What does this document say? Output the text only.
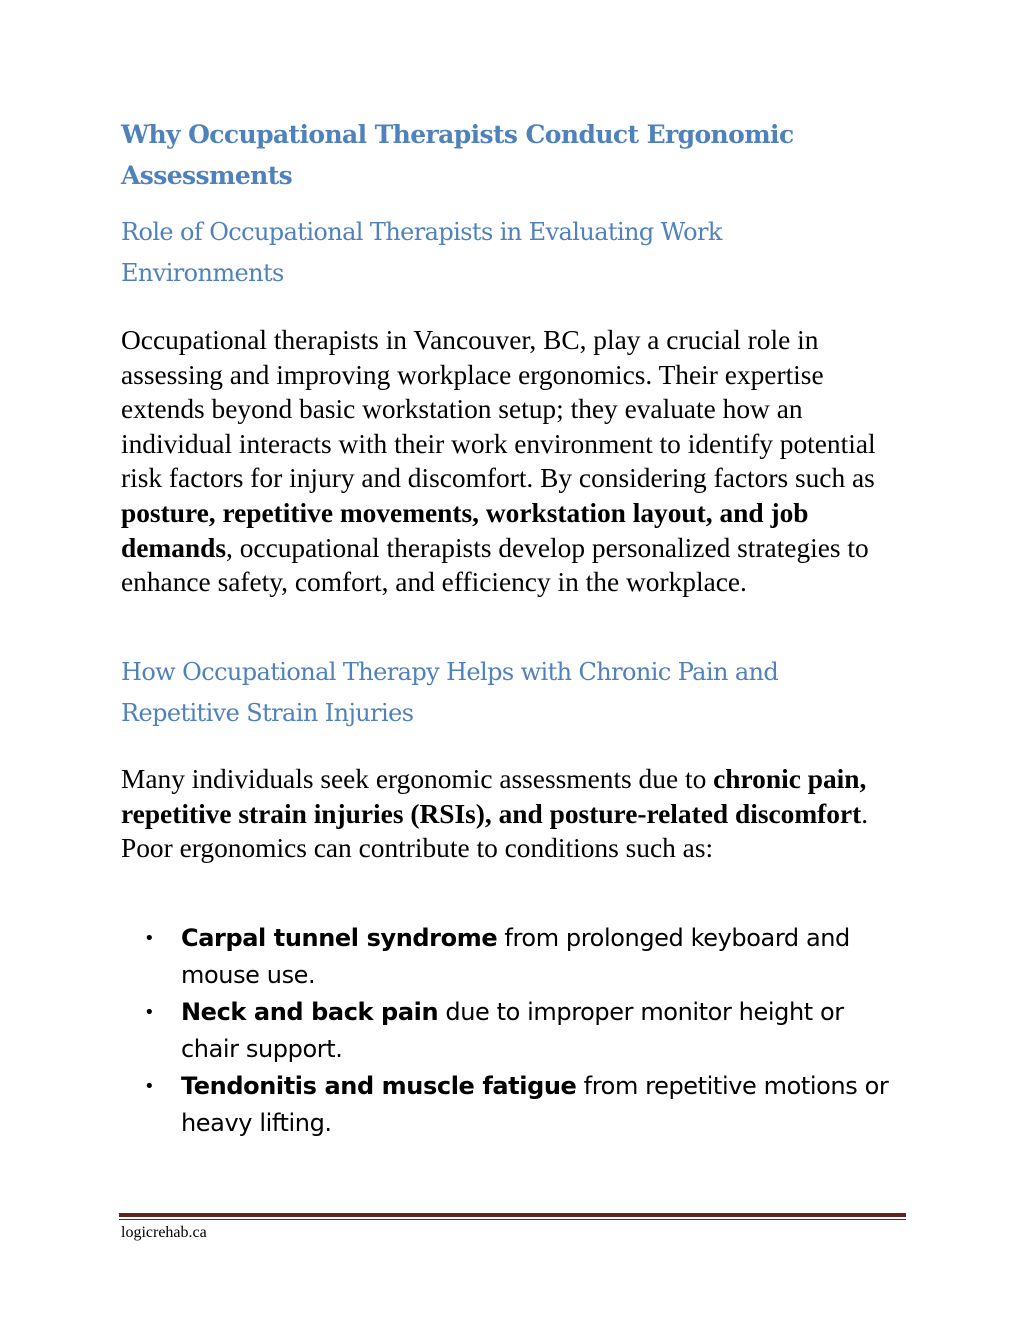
Why Occupational Therapists Conduct Ergonomic Assessments
Role of Occupational Therapists in Evaluating Work Environments

Occupational therapists in Vancouver, BC, play a crucial role in assessing and improving workplace ergonomics. Their expertise extends beyond basic workstation setup; they evaluate how an individual interacts with their work environment to identify potential risk factors for injury and discomfort. By considering factors such as posture, repetitive movements, workstation layout, and job demands, occupational therapists develop personalized strategies to enhance safety, comfort, and efficiency in the workplace.

How Occupational Therapy Helps with Chronic Pain and Repetitive Strain Injuries

Many individuals seek ergonomic assessments due to chronic pain, repetitive strain injuries (RSIs), and posture-related discomfort. Poor ergonomics can contribute to conditions such as:

• Carpal tunnel syndrome from prolonged keyboard and mouse use.
• Neck and back pain due to improper monitor height or chair support.
• Tendonitis and muscle fatigue from repetitive motions or heavy lifting.
logicrehab.ca
